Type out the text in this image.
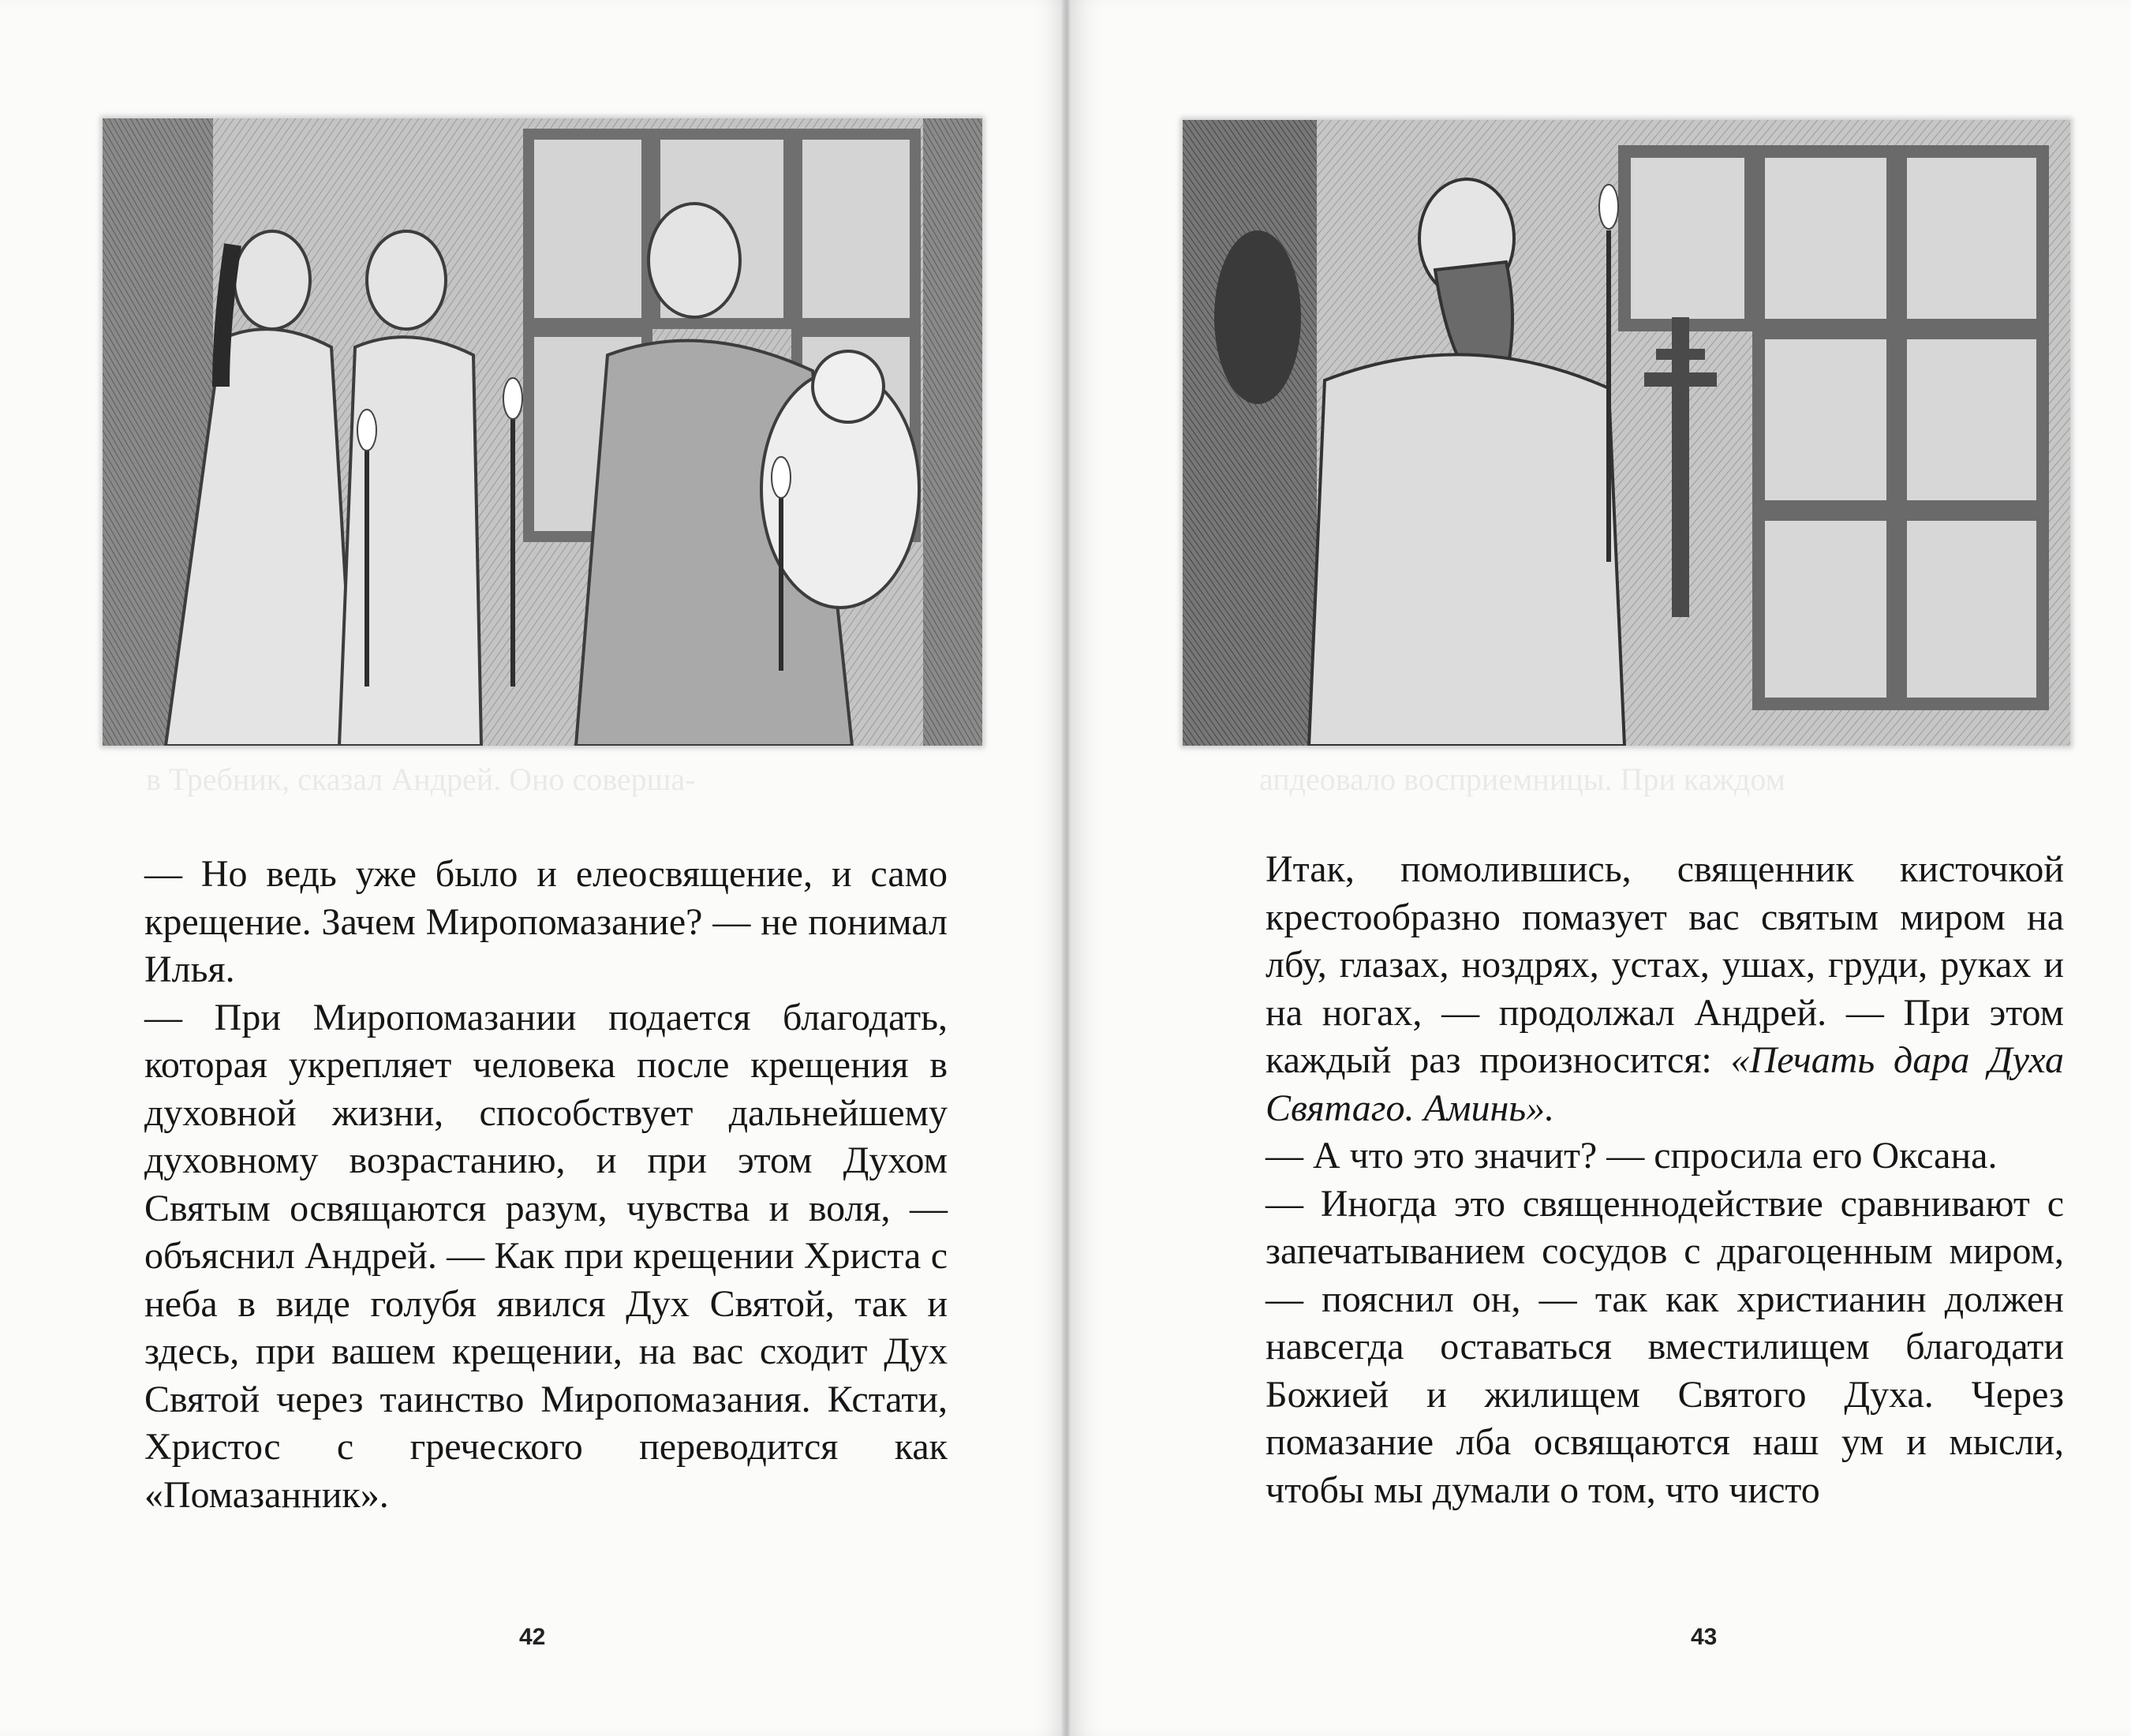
в Требник, сказал Андрей. Оно соверша-

— Но ведь уже было и елеосвящение, и само крещение. Зачем Миропомазание? — не понимал Илья.

— При Миропомазании подается благодать, которая укрепляет человека после крещения в духовной жизни, способствует дальнейшему духовному возрастанию, и при этом Духом Святым освящаются разум, чувства и воля, — объяснил Андрей. — Как при крещении Христа с неба в виде голубя явился Дух Святой, так и здесь, при вашем крещении, на вас сходит Дух Святой через таинство Миропомазания. Кстати, Христос с греческого переводится как «Помазанник».

42
апдеовало восприемницы. При каждом

Итак, помолившись, священник кисточкой крестообразно помазует вас святым миром на лбу, глазах, ноздрях, устах, ушах, груди, руках и на ногах, — продолжал Андрей. — При этом каждый раз произносится: «Печать дара Духа Святаго. Аминь».

— А что это значит? — спросила его Оксана.

— Иногда это священнодействие сравнивают с запечатыванием сосудов с драгоценным миром, — пояснил он, — так как христианин должен навсегда оставаться вместилищем благодати Божией и жилищем Святого Духа. Через помазание лба освящаются наш ум и мысли, чтобы мы думали о том, что чисто

43
